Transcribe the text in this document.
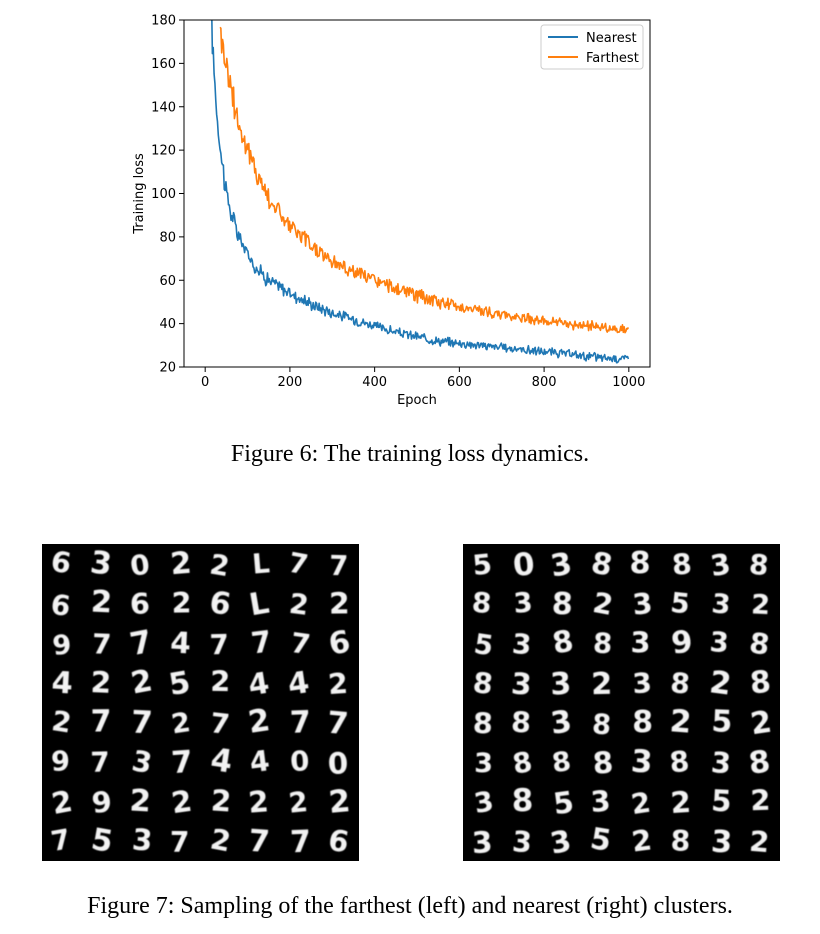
0	200	400	600	800	1000
20
40
60
80
100
120
140
160
180
Epoch
Training loss
Nearest
Farthest
Figure 6: The training loss dynamics.
6 3 0 2 2 L 7 7
6 2 6 2 6 L 2 2
9 7 7 4 7 7 7 6
4 2 2 5 2 4 4 2
2 7 7 2 7 2 7 7
9 7 3 7 4 4 0 0
2 9 2 2 2 2 2 2
7 5 3 7 2 7 7 6
5 0 3 8 8 8 3 8
8 3 8 2 3 5 3 2
5 3 8 8 3 9 3 8
8 3 3 2 3 8 2 8
8 8 3 8 8 2 5 2
3 8 8 8 3 8 3 8
3 8 5 3 2 2 5 2
3 3 3 5 2 8 3 2
Figure 7: Sampling of the farthest (left) and nearest (right) clusters.
